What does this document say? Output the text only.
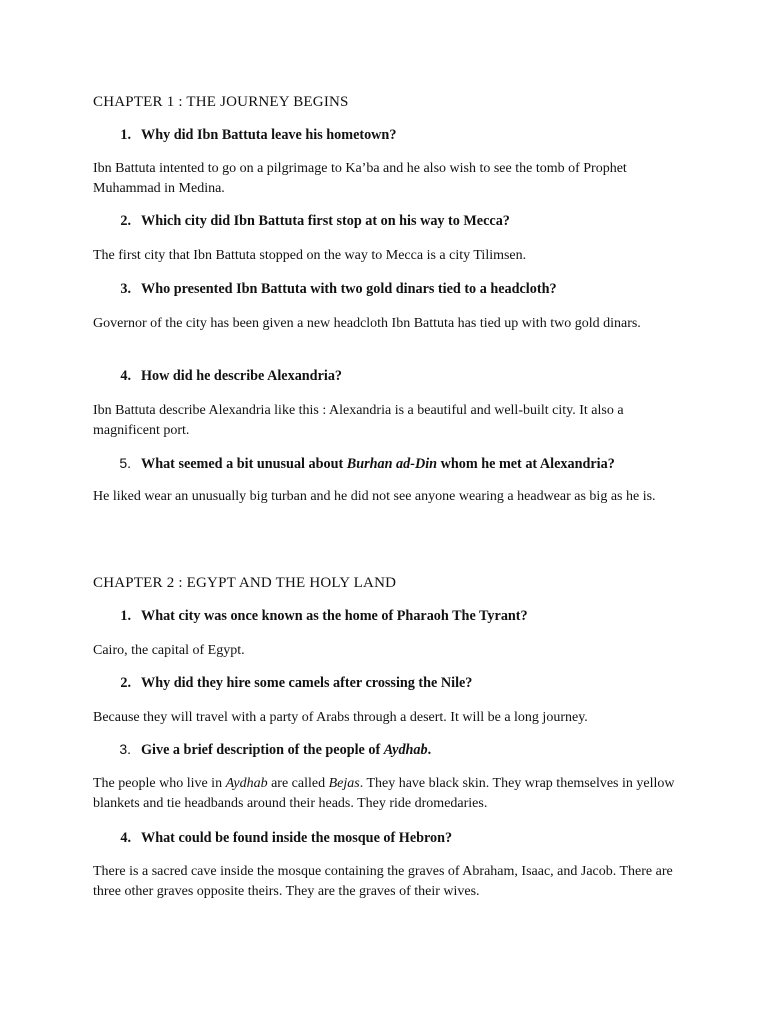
CHAPTER 1 : THE JOURNEY BEGINS
1. Why did Ibn Battuta leave his hometown?
Ibn Battuta intented to go on a pilgrimage to Ka’ba and he also wish to see the tomb of Prophet Muhammad in Medina.
2. Which city did Ibn Battuta first stop at on his way to Mecca?
The first city that Ibn Battuta stopped on the way to Mecca is a city Tilimsen.
3. Who presented Ibn Battuta with two gold dinars tied to a headcloth?
Governor of the city has been given a new headcloth Ibn Battuta has tied up with two gold dinars.
4. How did he describe Alexandria?
Ibn Battuta describe Alexandria like this : Alexandria is a beautiful and well-built city. It also a magnificent port.
5. What seemed a bit unusual about Burhan ad-Din whom he met at Alexandria?
He liked wear an unusually big turban and he did not see anyone wearing a headwear as big as he is.
CHAPTER 2 : EGYPT AND THE HOLY LAND
1. What city was once known as the home of Pharaoh The Tyrant?
Cairo, the capital of Egypt.
2. Why did they hire some camels after crossing the Nile?
Because they will travel with a party of Arabs through a desert. It will be a long journey.
3. Give a brief description of the people of Aydhab.
The people who live in Aydhab are called Bejas. They have black skin. They wrap themselves in yellow blankets and tie headbands around their heads. They ride dromedaries.
4. What could be found inside the mosque of Hebron?
There is a sacred cave inside the mosque containing the graves of Abraham, Isaac, and Jacob. There are three other graves opposite theirs. They are the graves of their wives.
